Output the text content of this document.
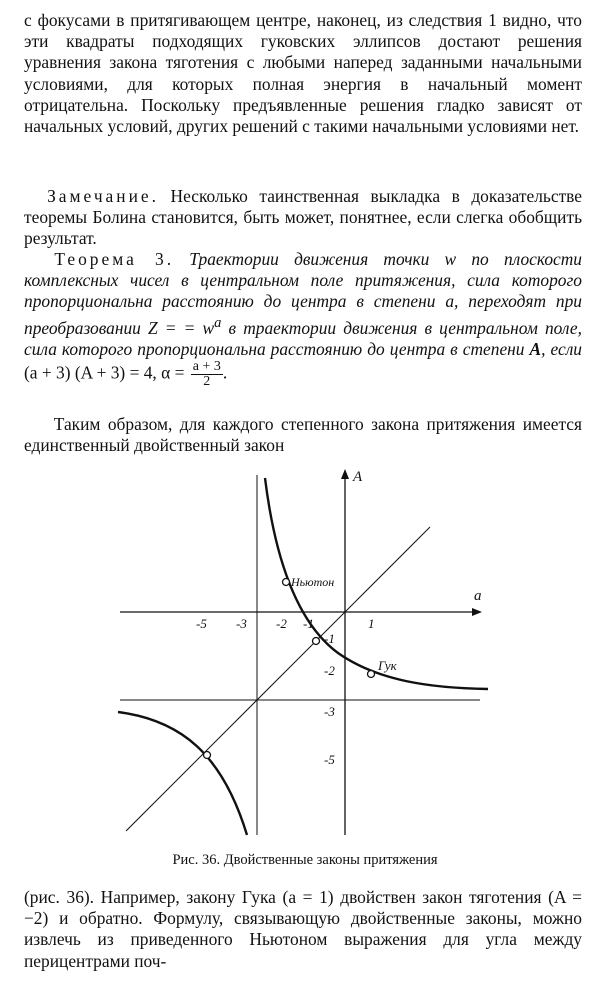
с фокусами в притягивающем центре, наконец, из следствия 1 видно, что эти квадраты подходящих гуковских эллипсов достают решения уравнения закона тяготения с любыми наперед заданными начальными условиями, для которых полная энергия в начальный момент отрицательна. Поскольку предъявленные решения гладко зависят от начальных условий, других решений с такими начальными условиями нет.

Замечание. Несколько таинственная выкладка в доказательстве теоремы Болина становится, быть может, понятнее, если слегка обобщить результат.

Теорема 3. Траектории движения точки w по плоскости комплексных чисел в центральном поле притяжения, сила которого пропорциональна расстоянию до центра в степени a, переходят при преобразовании Z = = $w^a$ в траектории движения в центральном поле, сила которого пропорциональна расстоянию до центра в степени A, если (a + 3) (A + 3) = 4, $\alpha = \frac{a + 3}{2}$ .

Таким образом, для каждого степенного закона притяжения имеется единственный двойственный закон

-5 -3 -2 -1	1
-1
-2
-3
-5
a
A
Ньютон
Гук
Рис. 36. Двойственные законы притяжения

(рис. 36). Например, закону Гука (a = 1) двойствен закон тяготения (A = −2) и обратно. Формулу, связывающую двойственные законы, можно извлечь из приведенного Ньютоном выражения для угла между перицентрами поч-
